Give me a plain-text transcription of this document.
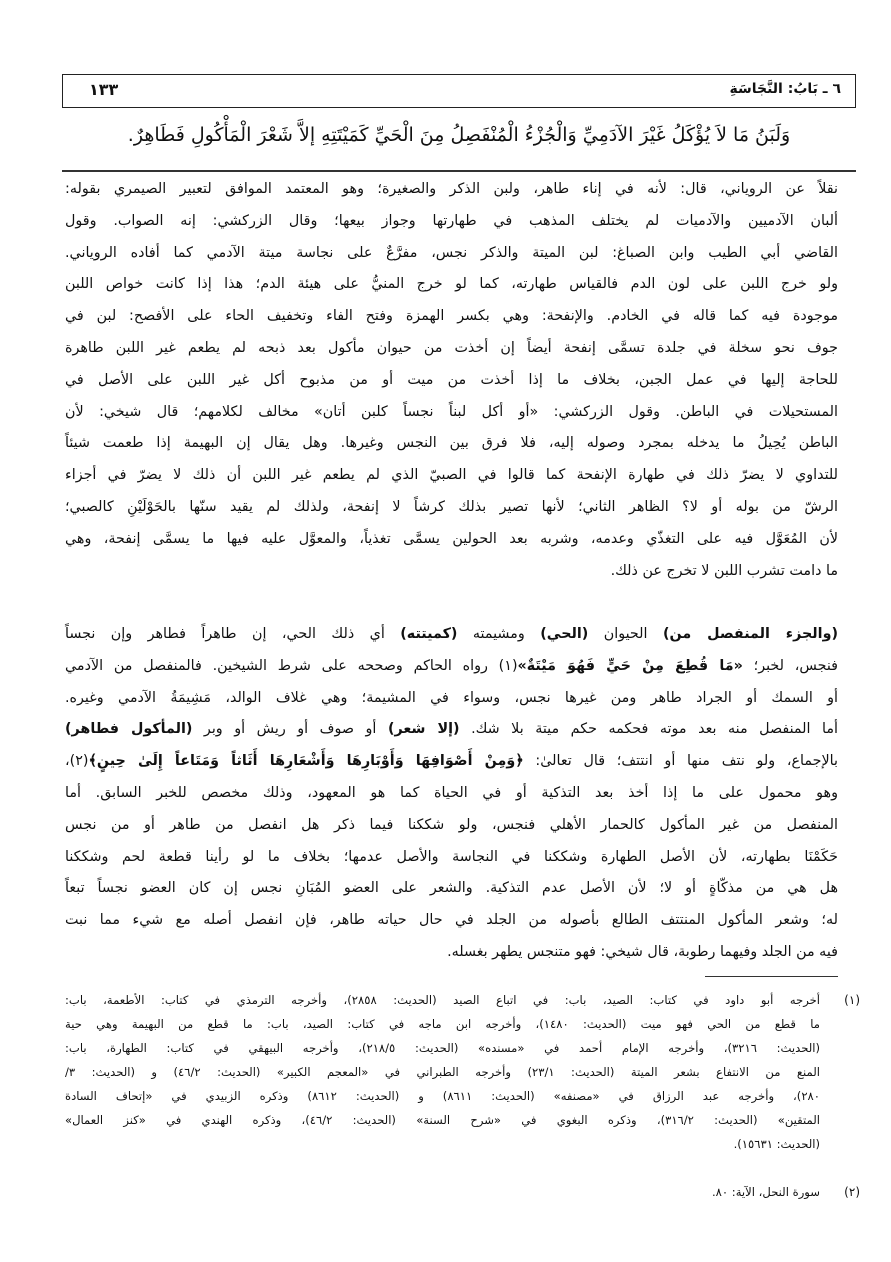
٦ ـ بَابُ: النَّجَاسَةِ
١٣٣
وَلَبَنُ مَا لاَ يُؤْكَلُ غَيْرَ الآدَمِيِّ وَالْجُزْءُ الْمُنْفَصِلُ مِنَ الْحَيِّ كَمَيْتَتِهِ إلاَّ شَعْرَ الْمَأْكُولِ فَطَاهِرٌ.
نقلاً عن الروياني، قال: لأنه في إناء طاهر، ولبن الذكر والصغيرة؛ وهو المعتمد الموافق لتعبير الصيمري بقوله:
ألبان الآدميين والآدميات لم يختلف المذهب في طهارتها وجواز بيعها؛ وقال الزركشي: إنه الصواب. وقول
القاضي أبي الطيب وابن الصباغ: لبن الميتة والذكر نجس، مفرَّعٌ على نجاسة ميتة الآدمي كما أفاده الروياني.
ولو خرج اللبن على لون الدم فالقياس طهارته، كما لو خرج المنيُّ على هيئة الدم؛ هذا إذا كانت خواص اللبن
موجودة فيه كما قاله في الخادم. والإنفحة: وهي بكسر الهمزة وفتح الفاء وتخفيف الحاء على الأفصح: لبن في
جوف نحو سخلة في جلدة تسمَّى إنفحة أيضاً إن أخذت من حيوان مأكول بعد ذبحه لم يطعم غير اللبن طاهرة
للحاجة إليها في عمل الجبن، بخلاف ما إذا أخذت من ميت أو من مذبوح أكل غير اللبن على الأصل في
المستحيلات في الباطن. وقول الزركشي: «أو أكل لبناً نجساً كلبن أتان» مخالف لكلامهم؛ قال شيخي: لأن
الباطن يُحِيلُ ما يدخله بمجرد وصوله إليه، فلا فرق بين النجس وغيرها. وهل يقال إن البهيمة إذا طعمت شيئاً
للتداوي لا يضرّ ذلك في طهارة الإنفحة كما قالوا في الصبيّ الذي لم يطعم غير اللبن أن ذلك لا يضرّ في أجزاء
الرشّ من بوله أو لا؟ الظاهر الثاني؛ لأنها تصير بذلك كرشاً لا إنفحة، ولذلك لم يقيد سنّها بالحَوْلَيْنِ كالصبي؛
لأن المُعَوَّل فيه على التغذّي وعدمه، وشربه بعد الحولين يسمَّى تغذياً، والمعوَّل عليه فيها ما يسمَّى إنفحة، وهي
ما دامت تشرب اللبن لا تخرج عن ذلك.
(والجزء المنفصل من) الحيوان (الحي) ومشيمته (كميتته) أي ذلك الحي، إن طاهراً فطاهر وإن نجساً
فنجس، لخبر؛ «مَا قُطِعَ مِنْ حَيٍّ فَهُوَ مَيْتَةٌ»(١) رواه الحاكم وصححه على شرط الشيخين. فالمنفصل من الآدمي
أو السمك أو الجراد طاهر ومن غيرها نجس، وسواء في المشيمة؛ وهي غلاف الوالد، مَشِيمَةُ الآدمي وغيره.
أما المنفصل منه بعد موته فحكمه حكم ميتة بلا شك. (إلا شعر) أو صوف أو ريش أو وبر (المأكول فطاهر)
بالإجماع، ولو نتف منها أو انتتف؛ قال تعالىٰ: ﴿وَمِنْ أَصْوَافِهَا وَأَوْبَارِهَا وَأَشْعَارِهَا أَثَاثاً وَمَتَاعاً إِلَىٰ حِينٍ﴾(٢)،
وهو محمول على ما إذا أخذ بعد التذكية أو في الحياة كما هو المعهود، وذلك مخصص للخبر السابق. أما
المنفصل من غير المأكول كالحمار الأهلي فنجس، ولو شككنا فيما ذكر هل انفصل من طاهر أو من نجس
حَكَمْنَا بطهارته، لأن الأصل الطهارة وشككنا في النجاسة والأصل عدمها؛ بخلاف ما لو رأينا قطعة لحم وشككنا
هل هي من مذكّاةٍ أو لا؛ لأن الأصل عدم التذكية. والشعر على العضو المُبَانِ نجس إن كان العضو نجساً تبعاً
له؛ وشعر المأكول المنتتف الطالع بأصوله من الجلد في حال حياته طاهر، فإن انفصل أصله مع شيء مما نبت
فيه من الجلد وفيهما رطوبة، قال شيخي: فهو متنجس يطهر بغسله.
(١)
أخرجه أبو داود في كتاب: الصيد، باب: في اتباع الصيد (الحديث: ٢٨٥٨)، وأخرجه الترمذي في كتاب: الأطعمة، باب:
ما قطع من الحي فهو ميت (الحديث: ١٤٨٠)، وأخرجه ابن ماجه في كتاب: الصيد، باب: ما قطع من البهيمة وهي حية
(الحديث: ٣٢١٦)، وأخرجه الإمام أحمد في «مسنده» (الحديث: ٢١٨/٥)، وأخرجه البيهقي في كتاب: الطهارة، باب:
المنع من الانتفاع بشعر الميتة (الحديث: ٢٣/١) وأخرجه الطبراني في «المعجم الكبير» (الحديث: ٤٦/٢) و (الحديث: ٣/
٢٨٠)، وأخرجه عبد الرزاق في «مصنفه» (الحديث: ٨٦١١) و (الحديث: ٨٦١٢) وذكره الزبيدي في «إتحاف السادة
المتقين» (الحديث: ٣١٦/٢)، وذكره البغوي في «شرح السنة» (الحديث: ٤٦/٢)، وذكره الهندي في «كنز العمال»
(الحديث: ١٥٦٣١).
(٢)
سورة النحل، الآية: ٨٠.
